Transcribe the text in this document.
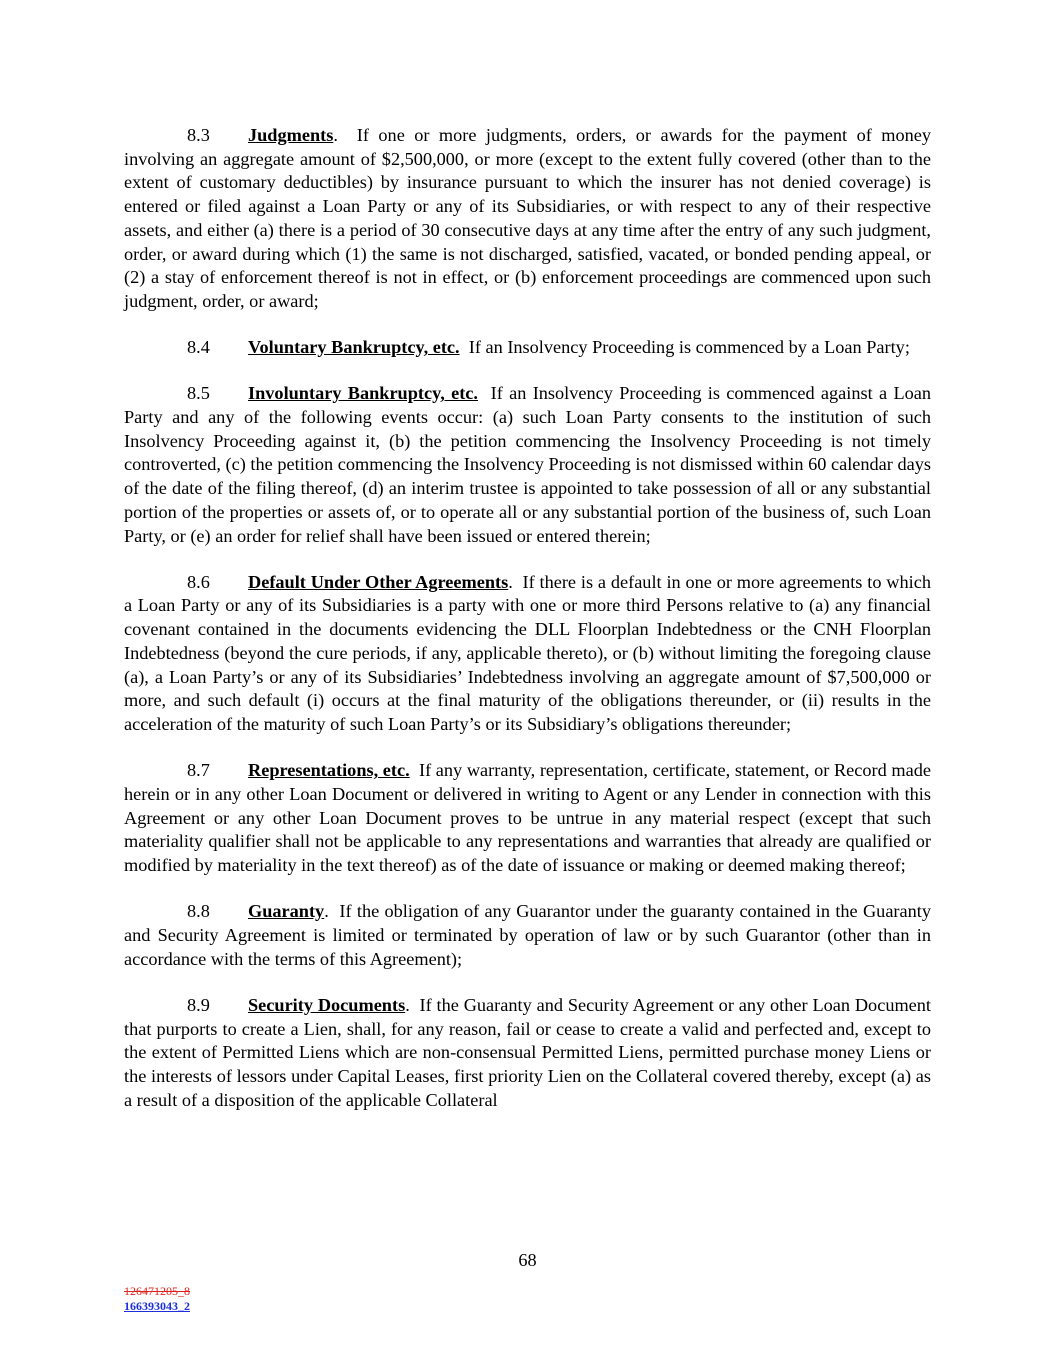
8.3 Judgments. If one or more judgments, orders, or awards for the payment of money involving an aggregate amount of $2,500,000, or more (except to the extent fully covered (other than to the extent of customary deductibles) by insurance pursuant to which the insurer has not denied coverage) is entered or filed against a Loan Party or any of its Subsidiaries, or with respect to any of their respective assets, and either (a) there is a period of 30 consecutive days at any time after the entry of any such judgment, order, or award during which (1) the same is not discharged, satisfied, vacated, or bonded pending appeal, or (2) a stay of enforcement thereof is not in effect, or (b) enforcement proceedings are commenced upon such judgment, order, or award;

8.4 Voluntary Bankruptcy, etc. If an Insolvency Proceeding is commenced by a Loan Party;

8.5 Involuntary Bankruptcy, etc. If an Insolvency Proceeding is commenced against a Loan Party and any of the following events occur: (a) such Loan Party consents to the institution of such Insolvency Proceeding against it, (b) the petition commencing the Insolvency Proceeding is not timely controverted, (c) the petition commencing the Insolvency Proceeding is not dismissed within 60 calendar days of the date of the filing thereof, (d) an interim trustee is appointed to take possession of all or any substantial portion of the properties or assets of, or to operate all or any substantial portion of the business of, such Loan Party, or (e) an order for relief shall have been issued or entered therein;

8.6 Default Under Other Agreements. If there is a default in one or more agreements to which a Loan Party or any of its Subsidiaries is a party with one or more third Persons relative to (a) any financial covenant contained in the documents evidencing the DLL Floorplan Indebtedness or the CNH Floorplan Indebtedness (beyond the cure periods, if any, applicable thereto), or (b) without limiting the foregoing clause (a), a Loan Party’s or any of its Subsidiaries’ Indebtedness involving an aggregate amount of $7,500,000 or more, and such default (i) occurs at the final maturity of the obligations thereunder, or (ii) results in the acceleration of the maturity of such Loan Party’s or its Subsidiary’s obligations thereunder;

8.7 Representations, etc. If any warranty, representation, certificate, statement, or Record made herein or in any other Loan Document or delivered in writing to Agent or any Lender in connection with this Agreement or any other Loan Document proves to be untrue in any material respect (except that such materiality qualifier shall not be applicable to any representations and warranties that already are qualified or modified by materiality in the text thereof) as of the date of issuance or making or deemed making thereof;

8.8 Guaranty. If the obligation of any Guarantor under the guaranty contained in the Guaranty and Security Agreement is limited or terminated by operation of law or by such Guarantor (other than in accordance with the terms of this Agreement);

8.9 Security Documents. If the Guaranty and Security Agreement or any other Loan Document that purports to create a Lien, shall, for any reason, fail or cease to create a valid and perfected and, except to the extent of Permitted Liens which are non-consensual Permitted Liens, permitted purchase money Liens or the interests of lessors under Capital Leases, first priority Lien on the Collateral covered thereby, except (a) as a result of a disposition of the applicable Collateral

68
126471205_8
166393043_2
